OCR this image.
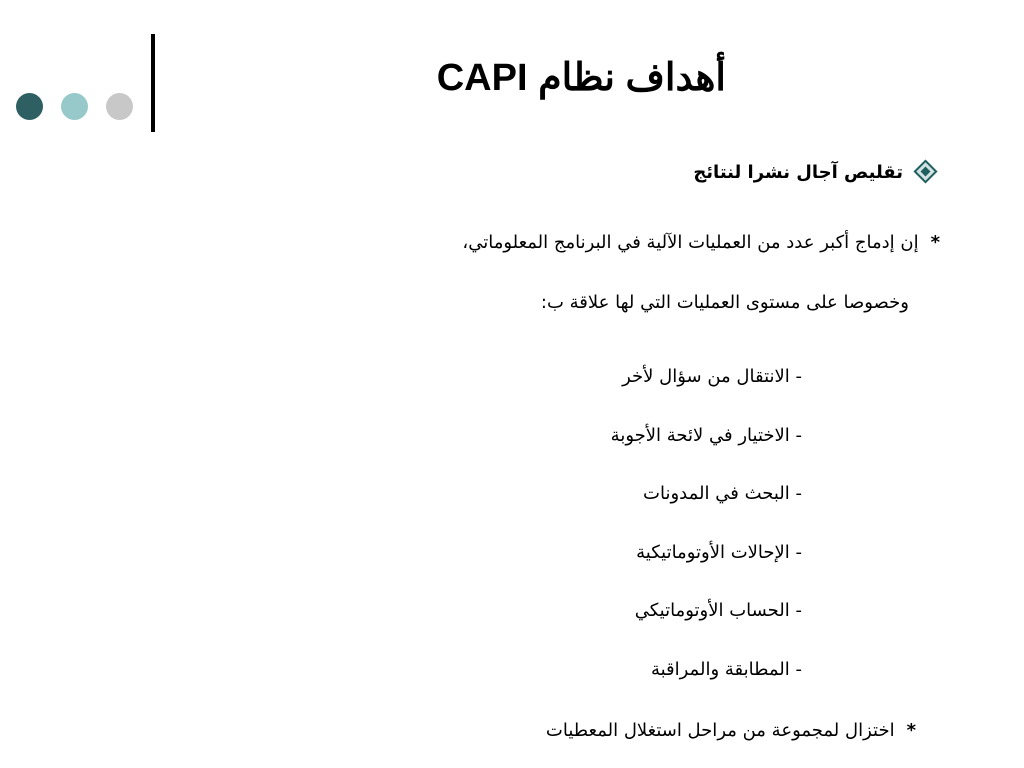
أهداف نظام CAPI
تقليص آجال نشرا لنتائج
*إن إدماج أكبر عدد من العمليات الآلية في البرنامج المعلوماتي،
وخصوصا على مستوى العمليات التي لها علاقة ب:
- الانتقال من سؤال لأخر
- الاختيار في لائحة الأجوبة
- البحث في المدونات
- الإحالات الأوتوماتيكية
- الحساب الأوتوماتيكي
- المطابقة والمراقبة
*اختزال لمجموعة من مراحل استغلال المعطيات
